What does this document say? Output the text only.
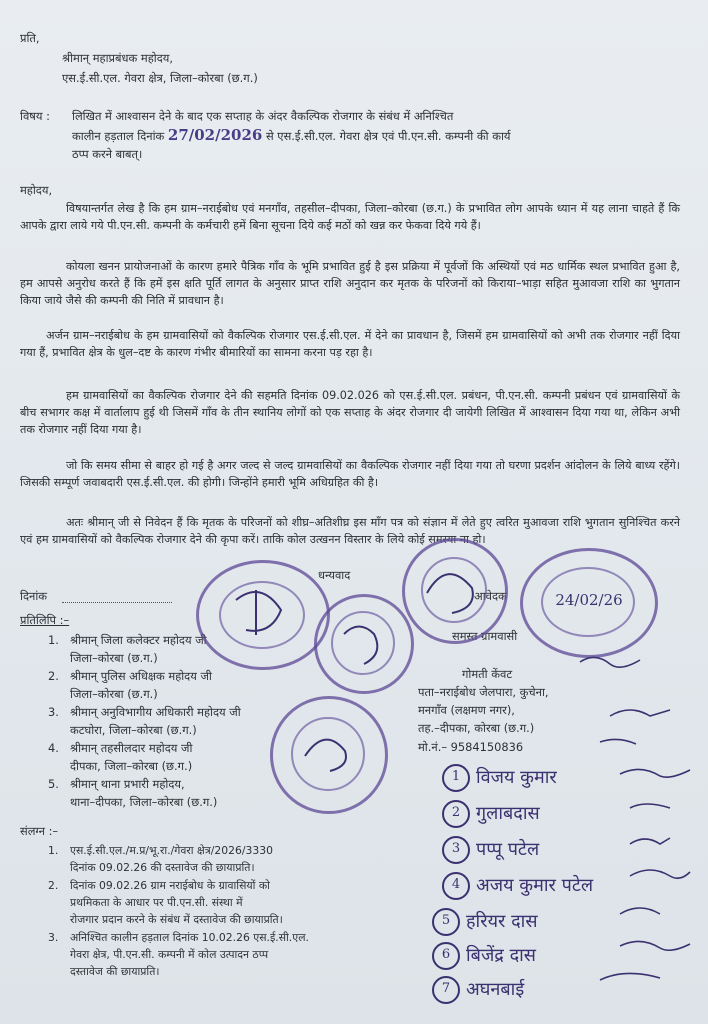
प्रति,
श्रीमान् महाप्रबंधक महोदय,
एस.ई.सी.एल. गेवरा क्षेत्र, जिला–कोरबा (छ.ग.)
विषय : लिखित में आश्वासन देने के बाद एक सप्ताह के अंदर वैकल्पिक रोजगार के संबंध में अनिश्चित
कालीन हड़ताल दिनांक 27/02/2026 से एस.ई.सी.एल. गेवरा क्षेत्र एवं पी.एन.सी. कम्पनी की कार्य
ठप्प करने बाबत्।
महोदय,
विषयान्तर्गत लेख है कि हम ग्राम–नराईबोध एवं मनगाँव, तहसील–दीपका, जिला–कोरबा (छ.ग.) के प्रभावित लोग आपके ध्यान में यह लाना चाहते हैं कि आपके द्वारा लाये गये पी.एन.सी. कम्पनी के कर्मचारी हमें बिना सूचना दिये कई मठों को खन्न कर फेकवा दिये गये हैं।
कोयला खनन प्रायोजनाओं के कारण हमारे पैत्रिक गाँव के भूमि प्रभावित हुई है इस प्रक्रिया में पूर्वजों कि अस्थियों एवं मठ धार्मिक स्थल प्रभावित हुआ है, हम आपसे अनुरोध करते हैं कि हमें इस क्षति पूर्ति लागत के अनुसार प्राप्त राशि अनुदान कर मृतक के परिजनों को किराया–भाड़ा सहित मुआवजा राशि का भुगतान किया जाये जैसे की कम्पनी की निति में प्रावधान है।
अर्जन ग्राम–नराईबोध के हम ग्रामवासियों को वैकल्पिक रोजगार एस.ई.सी.एल. में देने का प्रावधान है, जिसमें हम ग्रामवासियों को अभी तक रोजगार नहीं दिया गया हैं, प्रभावित क्षेत्र के धुल–दष्ट के कारण गंभीर बीमारियों का सामना करना पड़ रहा है।
हम ग्रामवासियों का वैकल्पिक रोजगार देने की सहमति दिनांक 09.02.026 को एस.ई.सी.एल. प्रबंधन, पी.एन.सी. कम्पनी प्रबंधन एवं ग्रामवासियों के बीच सभागर कक्ष में वार्तालाप हुई थी जिसमें गाँव के तीन स्थानिय लोगों को एक सप्ताह के अंदर रोजगार दी जायेगी लिखित में आश्वासन दिया गया था, लेकिन अभी तक रोजगार नहीं दिया गया है।
जो कि समय सीमा से बाहर हो गई है अगर जल्द से जल्द ग्रामवासियों का वैकल्पिक रोजगार नहीं दिया गया तो घरणा प्रदर्शन आंदोलन के लिये बाध्य रहेंगे। जिसकी सम्पूर्ण जवाबदारी एस.ई.सी.एल. की होगी। जिन्होंने हमारी भूमि अधिग्रहित की है।
अतः श्रीमान् जी से निवेदन हैं कि मृतक के परिजनों को शीघ्र–अतिशीघ्र इस माँग पत्र को संज्ञान में लेते हुए त्वरित मुआवजा राशि भुगतान सुनिश्चित करने एवं हम ग्रामवासियों को वैकल्पिक रोजगार देने की कृपा करें। ताकि कोल उत्खनन विस्तार के लिये कोई समस्या ना हो।
धन्यवाद
दिनांक	आवेदक
प्रतिलिपि :–
1. श्रीमान् जिला कलेक्टर महोदय जी
जिला–कोरबा (छ.ग.)
2. श्रीमान् पुलिस अधिक्षक महोदय जी
जिला–कोरबा (छ.ग.)
3. श्रीमान् अनुविभागीय अधिकारी महोदय जी
कटघोरा, जिला–कोरबा (छ.ग.)
4. श्रीमान् तहसीलदार महोदय जी
दीपका, जिला–कोरबा (छ.ग.)
5. श्रीमान् थाना प्रभारी महोदय,
थाना–दीपका, जिला–कोरबा (छ.ग.)
संलग्न :–
1. एस.ई.सी.एल./म.प्र/भू.रा./गेवरा क्षेत्र/2026/3330
दिनांक 09.02.26 की दस्तावेज की छायाप्रति।
2. दिनांक 09.02.26 ग्राम नराईबोध के ग्रावासियों को
प्रथमिकता के आधार पर पी.एन.सी. संस्था में
रोजगार प्रदान करने के संबंध में दस्तावेज की छायाप्रति।
3. अनिश्चित कालीन हड़ताल दिनांक 10.02.26 एस.ई.सी.एल.
गेवरा क्षेत्र, पी.एन.सी. कम्पनी में कोल उत्पादन ठप्प
दस्तावेज की छायाप्रति।
समस्त ग्रामवासी
गोमती केंवट
पता–नराईबोध जेलपारा, कुचेना,
मनगाँव (लक्षमण नगर),
तह.–दीपका, कोरबा (छ.ग.)
मो.नं.– 9584150836
24/02/26
1 विजय कुमार
2 गुलाबदास
3 पप्पू पटेल
4 अजय कुमार पटेल
5 हरियर दास
6 बिजेंद्र दास
7 अघनबाई
